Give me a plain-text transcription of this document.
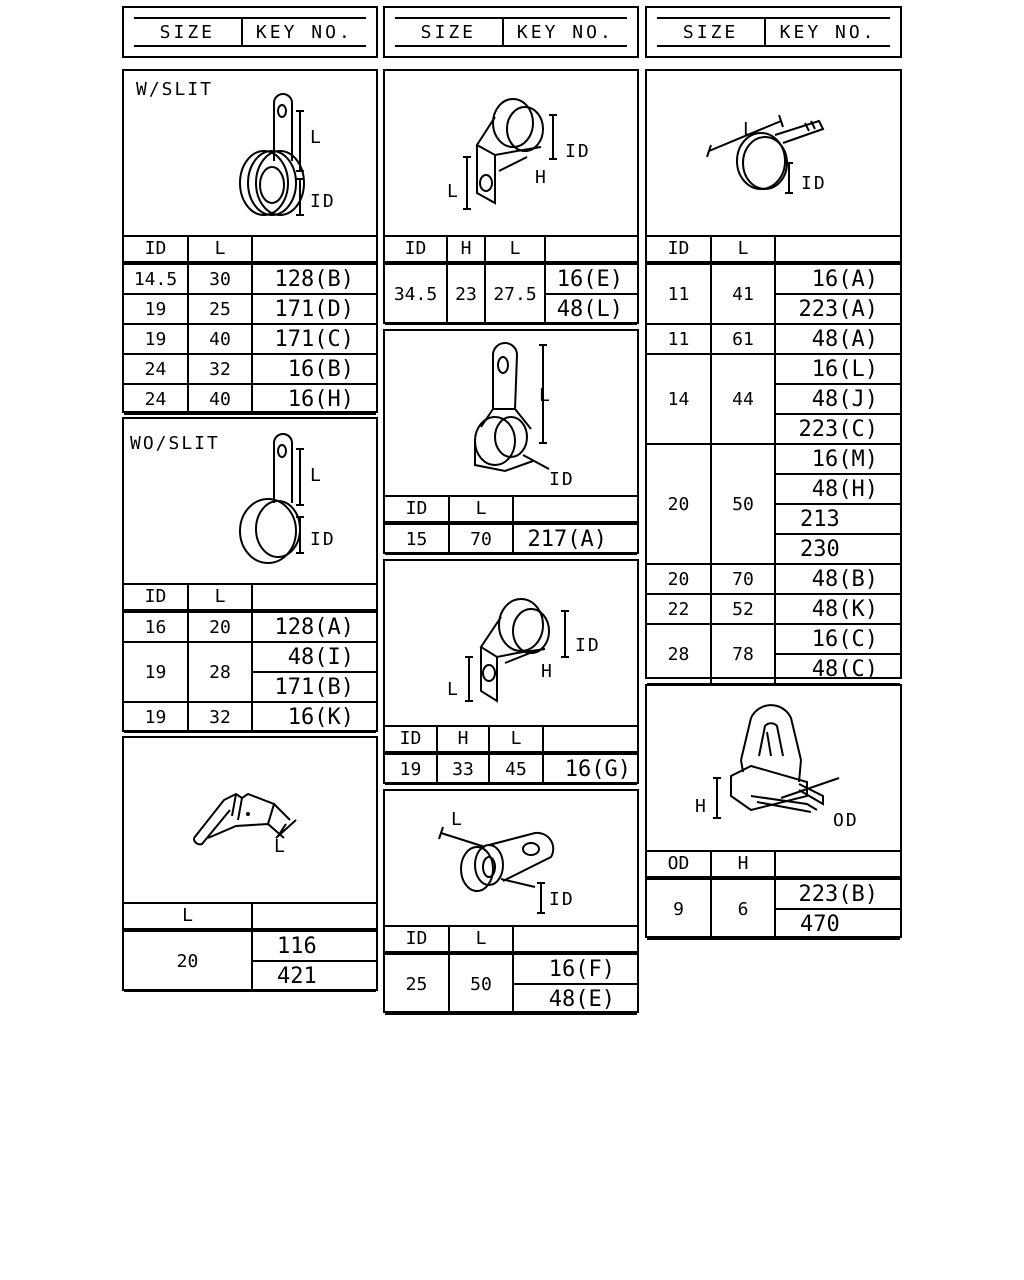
SIZE	KEY NO.	SIZE	KEY NO.	SIZE	KEY NO.
W/SLIT
L
ID
ID	L	
14.5	30	128(B)
19	25	171(D)
19	40	171(C)
24	32	16(B)
24	40	16(H)
WO/SLIT
L
ID
ID	L	
16	20	128(A)
19	28	48(I)
		171(B)
19	32	16(K)
L
L	
20	116
	421
ID
H
L
ID	H	L	
34.5	23	27.5	16(E)
			48(L)
L
ID
ID	L	
15	70	217(A)
ID
H
L
ID	H	L	
19	33	45	16(G)
L
ID
ID	L	
25	50	16(F)
		48(E)
L
ID
ID	L	
11	41	16(A)
		223(A)
11	61	48(A)
14	44	16(L)
		48(J)
		223(C)
20	50	16(M)
		48(H)
		213
		230
20	70	48(B)
22	52	48(K)
28	78	16(C)
		48(C)
H
OD
OD	H	
9	6	223(B)
		470
